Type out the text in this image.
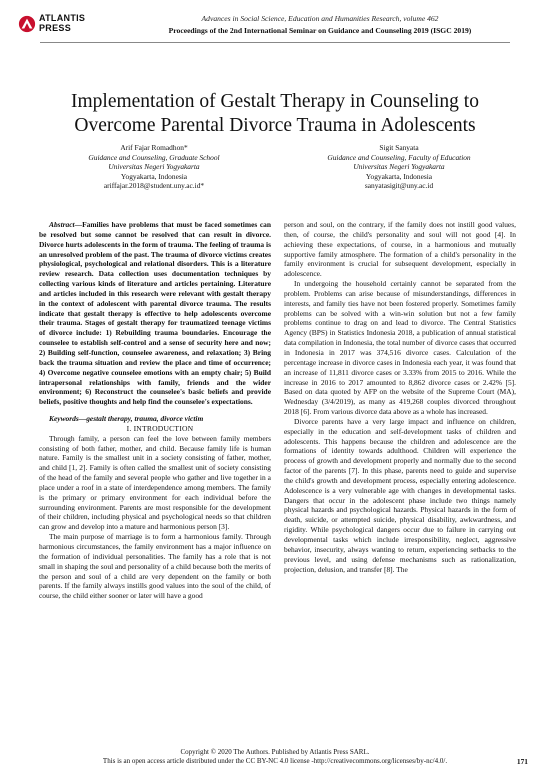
ATLANTIS
PRESS
Advances in Social Science, Education and Humanities Research, volume 462
Proceedings of the 2nd International Seminar on Guidance and Counseling 2019 (ISGC 2019)
Implementation of Gestalt Therapy in Counseling to Overcome Parental Divorce Trauma in Adolescents
Arif Fajar Romadhon*
Guidance and Counseling, Graduate School
Universitas Negeri Yogyakarta
Yogyakarta, Indonesia
ariffajar.2018@student.uny.ac.id*
Sigit Sanyata
Guidance and Counseling, Faculty of Education
Universitas Negeri Yogyakarta
Yogyakarta, Indonesia
sanyatasigit@uny.ac.id

Abstract—Families have problems that must be faced sometimes can be resolved but some cannot be resolved that can result in divorce. Divorce hurts adolescents in the form of trauma. The feeling of trauma is an unresolved problem of the past. The trauma of divorce victims creates physiological, psychological and relational disorders. This is a literature review research. Data collection uses documentation techniques by collecting various kinds of literature and articles pertaining. Literature and articles included in this research were relevant with gestalt therapy in the context of adolescent with parental divorce trauma. The results indicate that gestalt therapy is effective to help adolescents overcome their trauma. Stages of gestalt therapy for traumatized teenage victims of divorce include: 1) Rebuilding trauma boundaries. Encourage the counselee to establish self-control and a sense of security here and now; 2) Building self-function, counselee awareness, and relaxation; 3) Bring back the trauma situation and review the place and time of occurrence; 4) Overcome negative counselee emotions with an empty chair; 5) Build intrapersonal relationships with family, friends and the wider environment; 6) Reconstruct the counselee's basic beliefs and provide beliefs, positive thoughts and help find the counselee's expectations.

Keywords—gestalt therapy, trauma, divorce victim

I. INTRODUCTION

Through family, a person can feel the love between family members consisting of both father, mother, and child. Because family life is human nature. Family is the smallest unit in a society consisting of father, mother, and child [1, 2]. Family is often called the smallest unit of society consisting of the head of the family and several people who gather and live together in a place under a roof in a state of interdependence among members. The family is the primary or primary environment for each individual before the surrounding environment. Parents are most responsible for the development of their children, including physical and psychological needs so that children can grow and develop into a mature and harmonious person [3].

The main purpose of marriage is to form a harmonious family. Through harmonious circumstances, the family environment has a major influence on the formation of individual personalities. The family has a role that is not small in shaping the soul and personality of a child because both the merits of the person and soul of a child are very dependent on the family or both parents. If the family always instills good values into the soul of the child, of course, the child either sooner or later will have a good

person and soul, on the contrary, if the family does not instill good values, then, of course, the child's personality and soul will not good [4]. In achieving these expectations, of course, in a harmonious and mutually supportive family atmosphere. The formation of a child's personality in the family environment is crucial for subsequent development, especially in adolescence.

In undergoing the household certainly cannot be separated from the problem. Problems can arise because of misunderstandings, differences in interests, and family ties have not been fostered properly. Sometimes family problems can be solved with a win-win solution but not a few family problems continue to drag on and lead to divorce. The Central Statistics Agency (BPS) in Statistics Indonesia 2018, a publication of annual statistical data compilation in Indonesia, the total number of divorce cases that occurred in Indonesia in 2017 was 374,516 divorce cases. Calculation of the percentage increase in divorce cases in Indonesia each year, it was found that an increase of 11,811 divorce cases or 3.33% from 2015 to 2016. While the increase in 2016 to 2017 amounted to 8,862 divorce cases or 2.42% [5]. Based on data quoted by AFP on the website of the Supreme Court (MA), Wednesday (3/4/2019), as many as 419,268 couples divorced throughout 2018 [6]. From various divorce data above as a whole has increased.

Divorce parents have a very large impact and influence on children, especially in the education and self-development tasks of children and adolescents. This happens because the children and adolescence are the formations of identity towards adulthood. Children will experience the process of growth and development properly and normally due to the second factor of the parents [7]. In this phase, parents need to guide and supervise the child's growth and development process, especially entering adolescence. Adolescence is a very vulnerable age with changes in developmental tasks. Dangers that occur in the adolescent phase include two things namely physical hazards and psychological hazards. Physical hazards in the form of death, suicide, or attempted suicide, physical disability, awkwardness, and rigidity. While psychological dangers occur due to failure in carrying out developmental tasks which include irresponsibility, neglect, aggressive behavior, insecurity, always wanting to return, experiencing setbacks to the previous level, and using defense mechanisms such as rationalization, projection, delusion, and transfer [8]. The

Copyright © 2020 The Authors. Published by Atlantis Press SARL.
This is an open access article distributed under the CC BY-NC 4.0 license -http://creativecommons.org/licenses/by-nc/4.0/.	171
